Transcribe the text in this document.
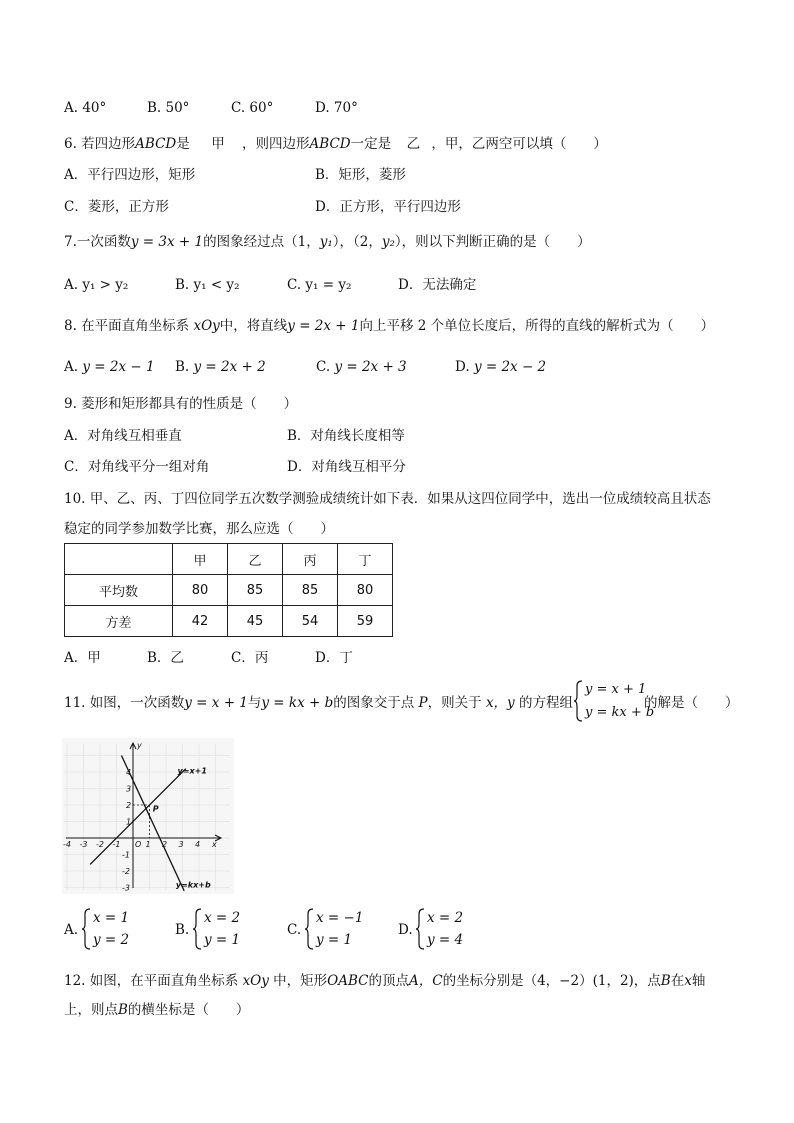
A. 40°	B. 50°	C. 60°	D. 70°
6. 若四边形ABCD是 甲 ，则四边形ABCD一定是 乙 ，甲，乙两空可以填（　　）
A．平行四边形，矩形	B．矩形，菱形
C．菱形，正方形	D．正方形，平行四边形
7.一次函数y = 3x + 1的图象经过点（1，y₁），（2，y₂），则以下判断正确的是（　　）
A. y₁ > y₂	B. y₁ < y₂	C. y₁ = y₂	D．无法确定
8. 在平面直角坐标系 xOy中，将直线y = 2x + 1向上平移 2 个单位长度后，所得的直线的解析式为（　　）
A. y = 2x − 1 B. y = 2x + 2	C. y = 2x + 3	D. y = 2x − 2
9. 菱形和矩形都具有的性质是（　　）
A．对角线互相垂直	B．对角线长度相等
C．对角线平分一组对角	D．对角线互相平分
10. 甲、乙、丙、丁四位同学五次数学测验成绩统计如下表．如果从这四位同学中，选出一位成绩较高且状态
稳定的同学参加数学比赛，那么应选（　　）
	甲	乙	丙	丁
平均数	80	85	85	80
方差	42	45	54	59
A．甲	B．乙	C．丙	D．丁
11. 如图，一次函数y = x + 1与y = kx + b的图象交于点 P，则关于 x，y 的方程组
y = x + 1
y = kx + b
的解是（　　）
-4 -3 -2 -1	1 2 3 4
4
3
2
1
-1
-2
-3
O	x
y
y=x+1
y=kx+b
P
A.
x = 1
y = 2
B.
x = 2
y = 1
C.
x = −1
y = 1
D.
x = 2
y = 4
12. 如图，在平面直角坐标系 xOy 中，矩形OABC的顶点A，C的坐标分别是（4，−2）(1，2)，点B在x轴
上，则点B的横坐标是（　　）
